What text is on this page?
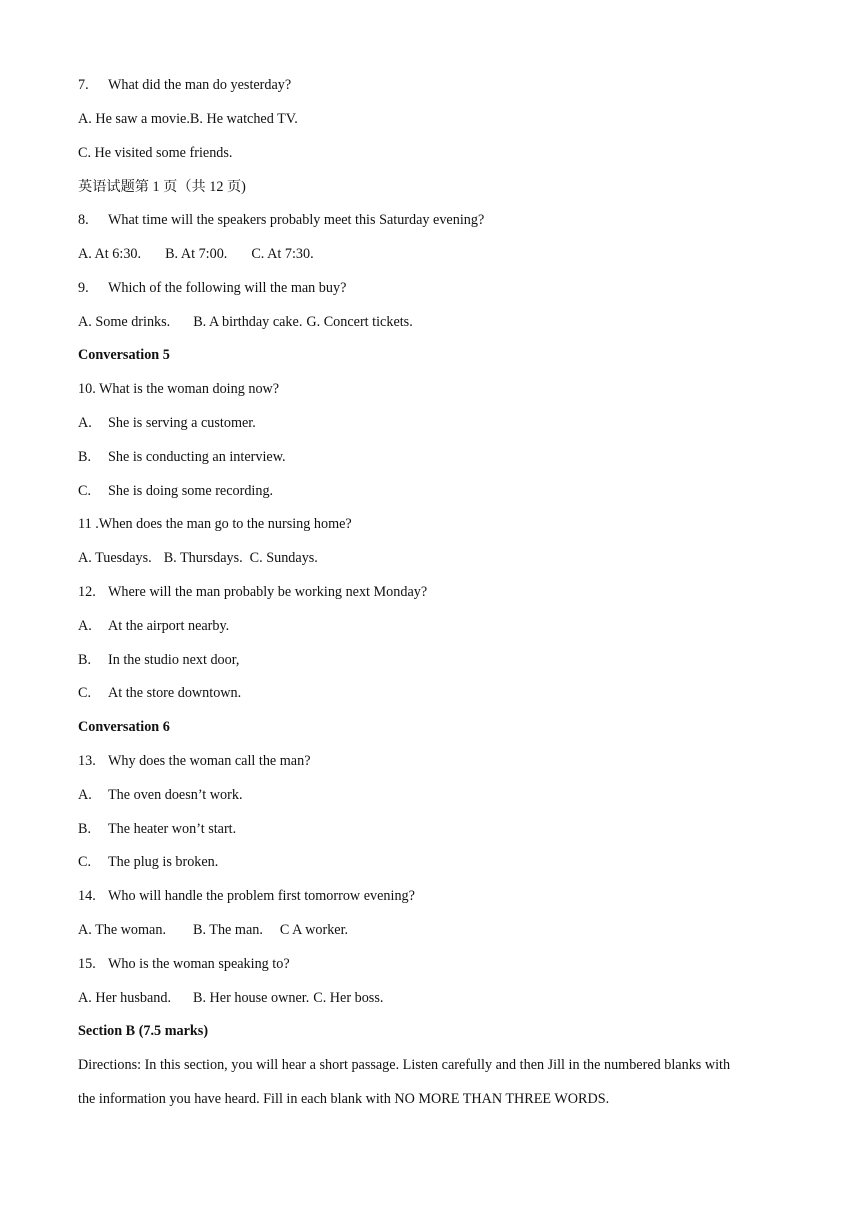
7. What did the man do yesterday?
A. He saw a movie.B. He watched TV.
C. He visited some friends.
英语试题第 1 页（共 12 页)
8. What time will the speakers probably meet this Saturday evening?
A. At 6:30. B. At 7:00. C. At 7:30.
9. Which of the following will the man buy?
A. Some drinks. B. A birthday cake. G. Concert tickets.
Conversation 5
10. What is the woman doing now?
A. She is serving a customer.
B. She is conducting an interview.
C. She is doing some recording.
11 .When does the man go to the nursing home?
A. Tuesdays. B. Thursdays. C. Sundays.
12. Where will the man probably be working next Monday?
A. At the airport nearby.
B. In the studio next door,
C. At the store downtown.
Conversation 6
13. Why does the woman call the man?
A. The oven doesn’t work.
B. The heater won’t start.
C. The plug is broken.
14. Who will handle the problem first tomorrow evening?
A. The woman. B. The man. C A worker.
15. Who is the woman speaking to?
A. Her husband. B. Her house owner. C. Her boss.
Section B (7.5 marks)
Directions: In this section, you will hear a short passage. Listen carefully and then Jill in the numbered blanks with
the information you have heard. Fill in each blank with NO MORE THAN THREE WORDS.
